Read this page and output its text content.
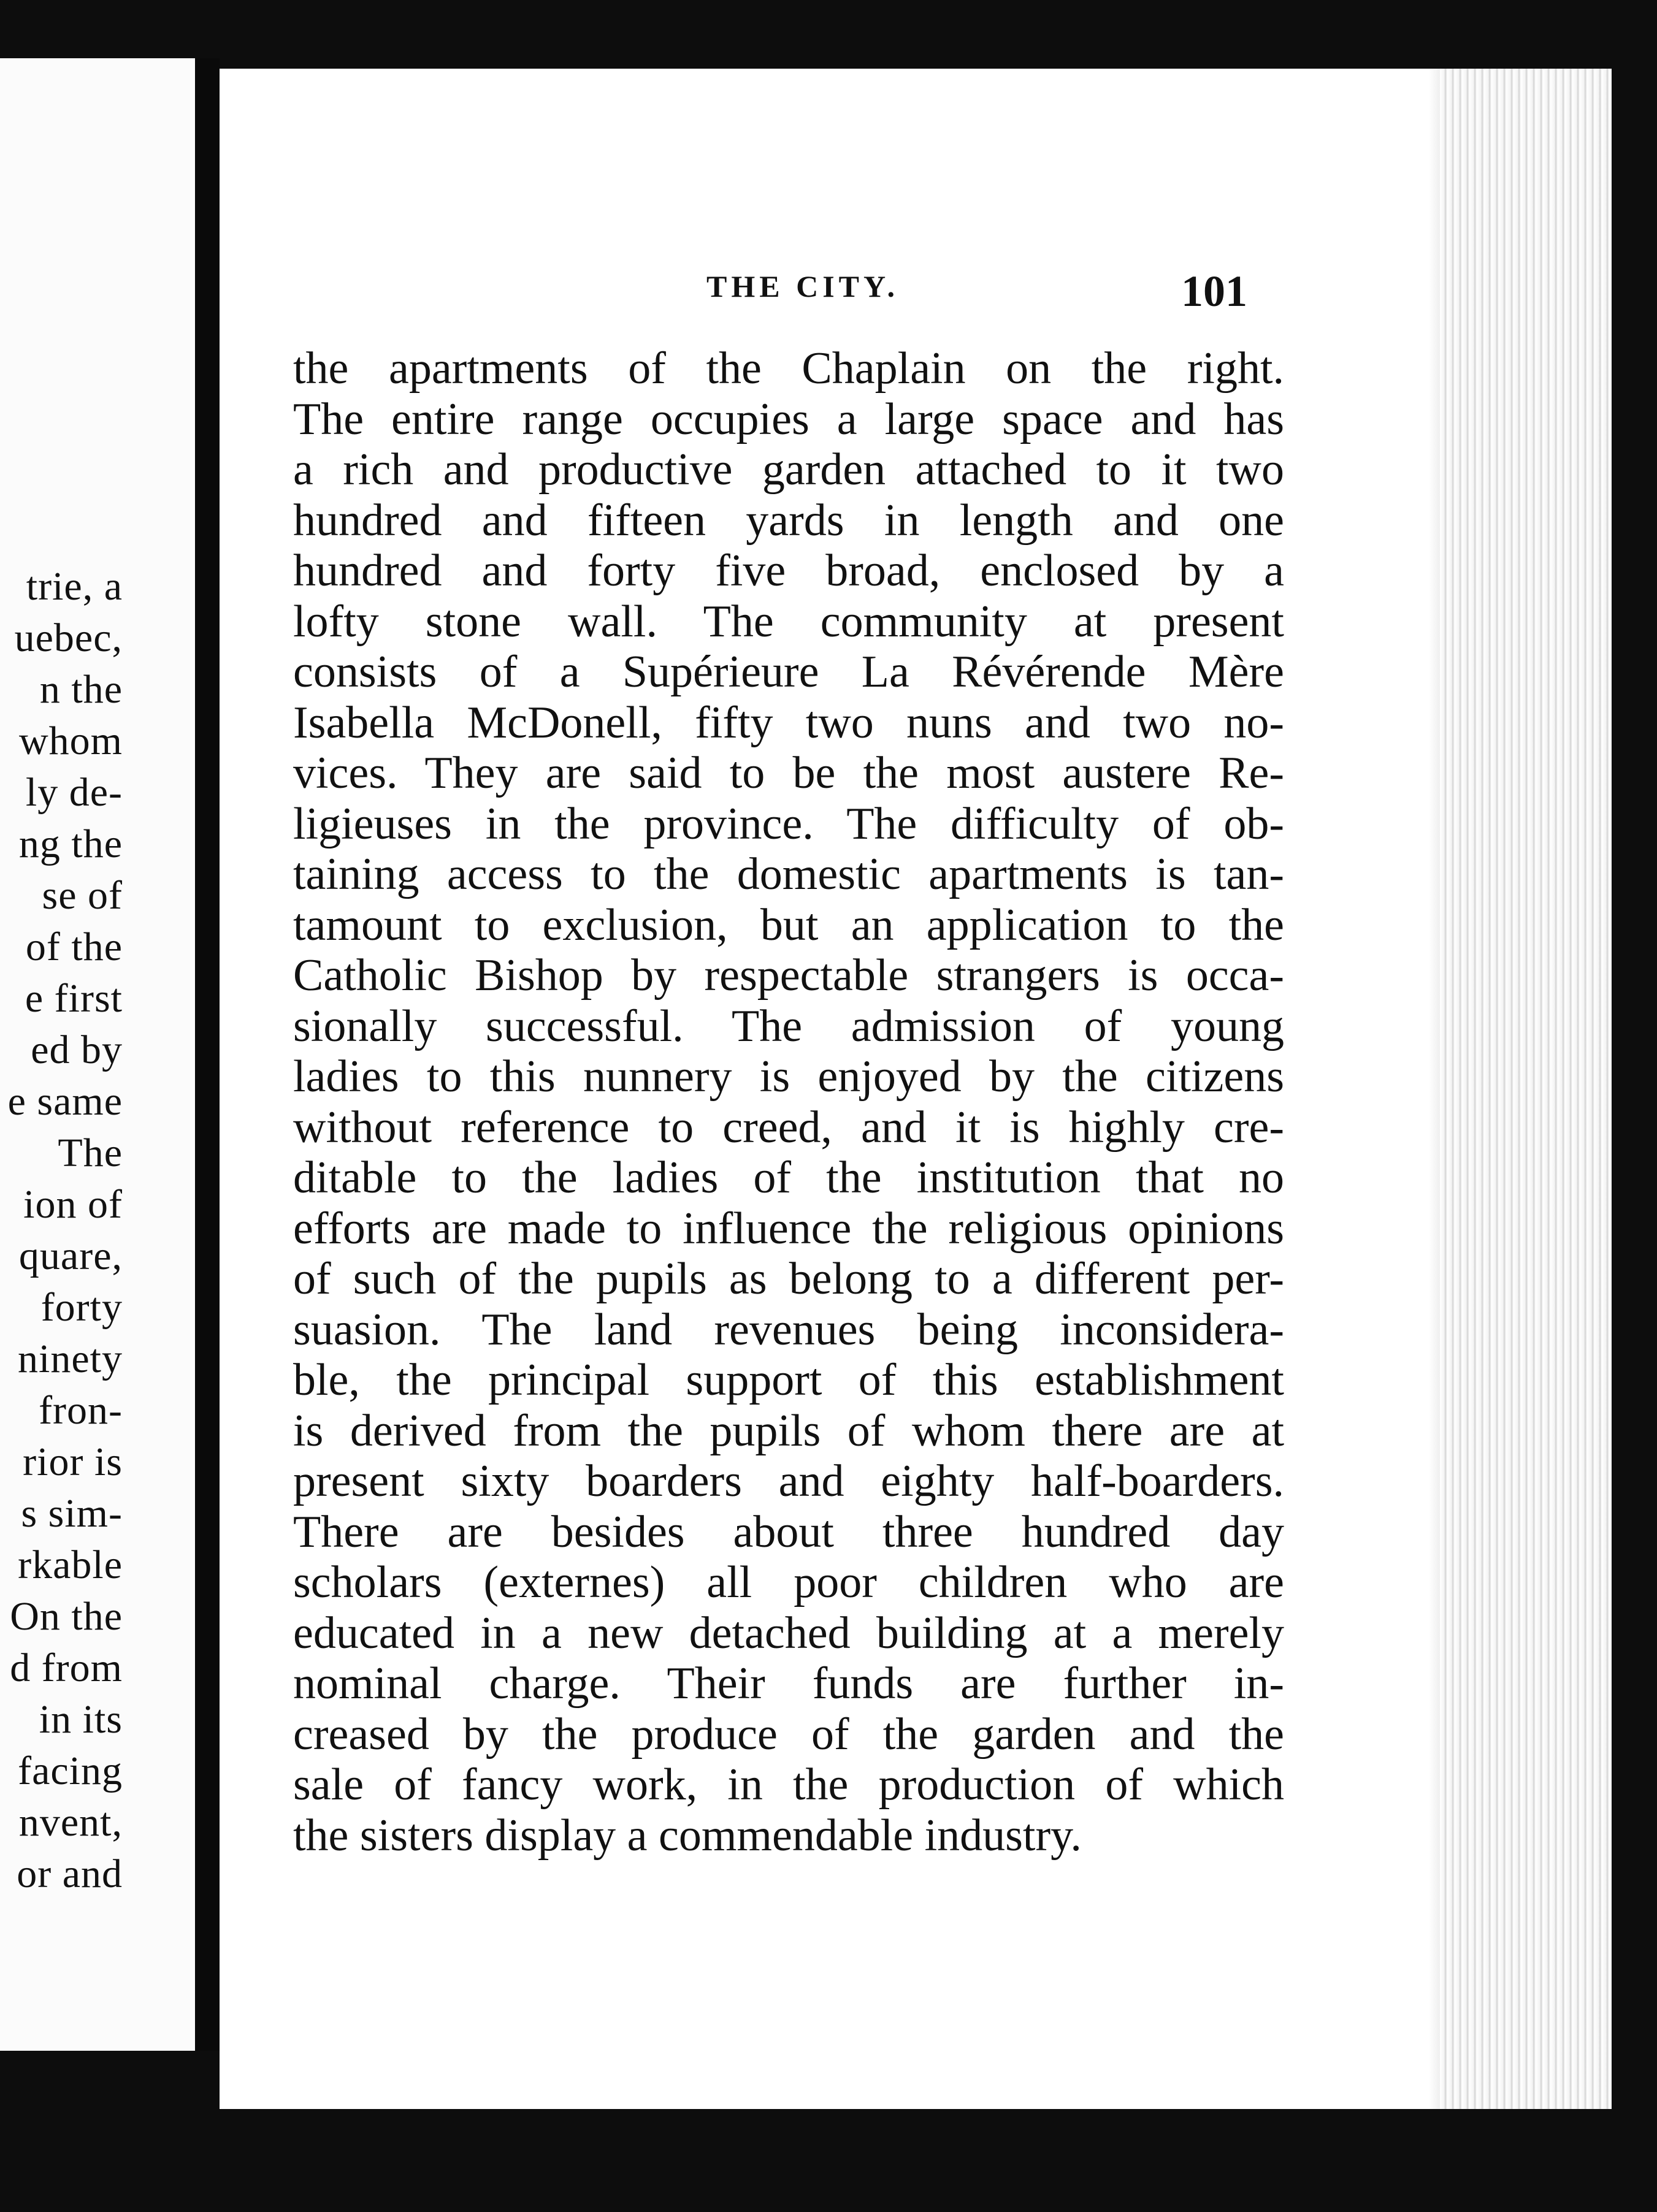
trie, a
uebec,
n the
whom
ly de-
ng the
se of
of the
e first
ed by
e same
The
ion of
quare,
forty
ninety
fron-
rior is
s sim-
rkable
On the
d from
in its
facing
nvent,
or and
THE CITY.	101
the apartments of the Chaplain on the right.
The entire range occupies a large space and has
a rich and productive garden attached to it two
hundred and fifteen yards in length and one
hundred and forty five broad, enclosed by a
lofty stone wall. The community at present
consists of a Supérieure La Révérende Mère
Isabella McDonell, fifty two nuns and two no-
vices. They are said to be the most austere Re-
ligieuses in the province. The difficulty of ob-
taining access to the domestic apartments is tan-
tamount to exclusion, but an application to the
Catholic Bishop by respectable strangers is occa-
sionally successful. The admission of young
ladies to this nunnery is enjoyed by the citizens
without reference to creed, and it is highly cre-
ditable to the ladies of the institution that no
efforts are made to influence the religious opinions
of such of the pupils as belong to a different per-
suasion. The land revenues being inconsidera-
ble, the principal support of this establishment
is derived from the pupils of whom there are at
present sixty boarders and eighty half-boarders.
There are besides about three hundred day
scholars (externes) all poor children who are
educated in a new detached building at a merely
nominal charge. Their funds are further in-
creased by the produce of the garden and the
sale of fancy work, in the production of which
the sisters display a commendable industry.
